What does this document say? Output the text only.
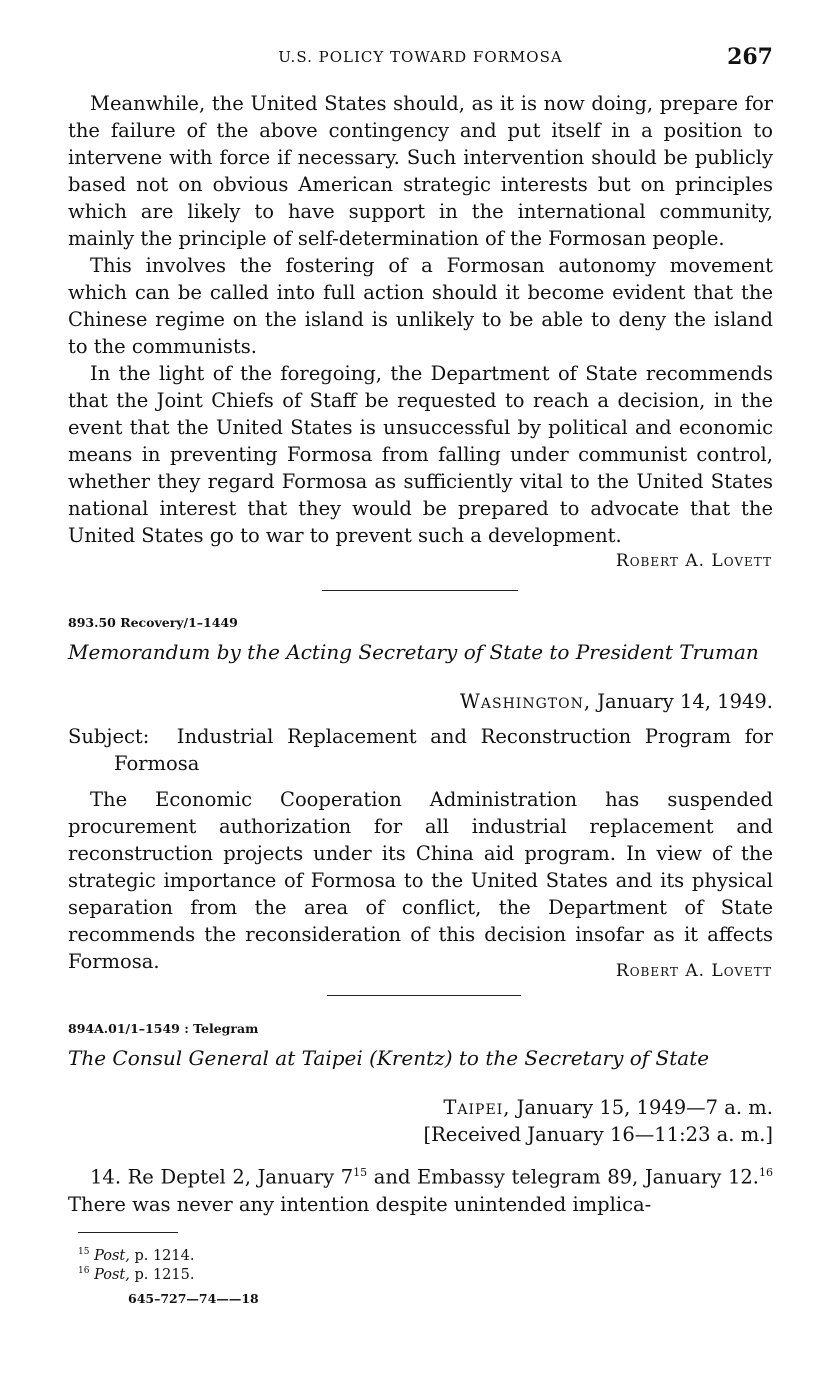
U.S. POLICY TOWARD FORMOSA	267

Meanwhile, the United States should, as it is now doing, prepare for the failure of the above contingency and put itself in a position to intervene with force if necessary. Such intervention should be publicly based not on obvious American strategic interests but on principles which are likely to have support in the international community, mainly the principle of self-determination of the Formosan people.

This involves the fostering of a Formosan autonomy movement which can be called into full action should it become evident that the Chinese regime on the island is unlikely to be able to deny the island to the communists.

In the light of the foregoing, the Department of State recommends that the Joint Chiefs of Staff be requested to reach a decision, in the event that the United States is unsuccessful by political and economic means in preventing Formosa from falling under communist control, whether they regard Formosa as sufficiently vital to the United States national interest that they would be prepared to advocate that the United States go to war to prevent such a development.

Robert A. Lovett
893.50 Recovery/1–1449
Memorandum by the Acting Secretary of State to President Truman
Washington, January 14, 1949.
Subject: Industrial Replacement and Reconstruction Program for
Formosa

The Economic Cooperation Administration has suspended procurement authorization for all industrial replacement and reconstruction projects under its China aid program. In view of the strategic importance of Formosa to the United States and its physical separation from the area of conflict, the Department of State recommends the reconsideration of this decision insofar as it affects Formosa.	Robert A. Lovett
894A.01/1–1549 : Telegram
The Consul General at Taipei (Krentz) to the Secretary of State
Taipei, January 15, 1949—7 a. m.
[Received January 16—11:23 a. m.]

14. Re Deptel 2, January 7$^{15}$ and Embassy telegram 89, January 12.16 There was never any intention despite unintended implica-

$^{15}$ Post, p. 1214.
$^{16}$ Post, p. 1215.
645–727—74——18
